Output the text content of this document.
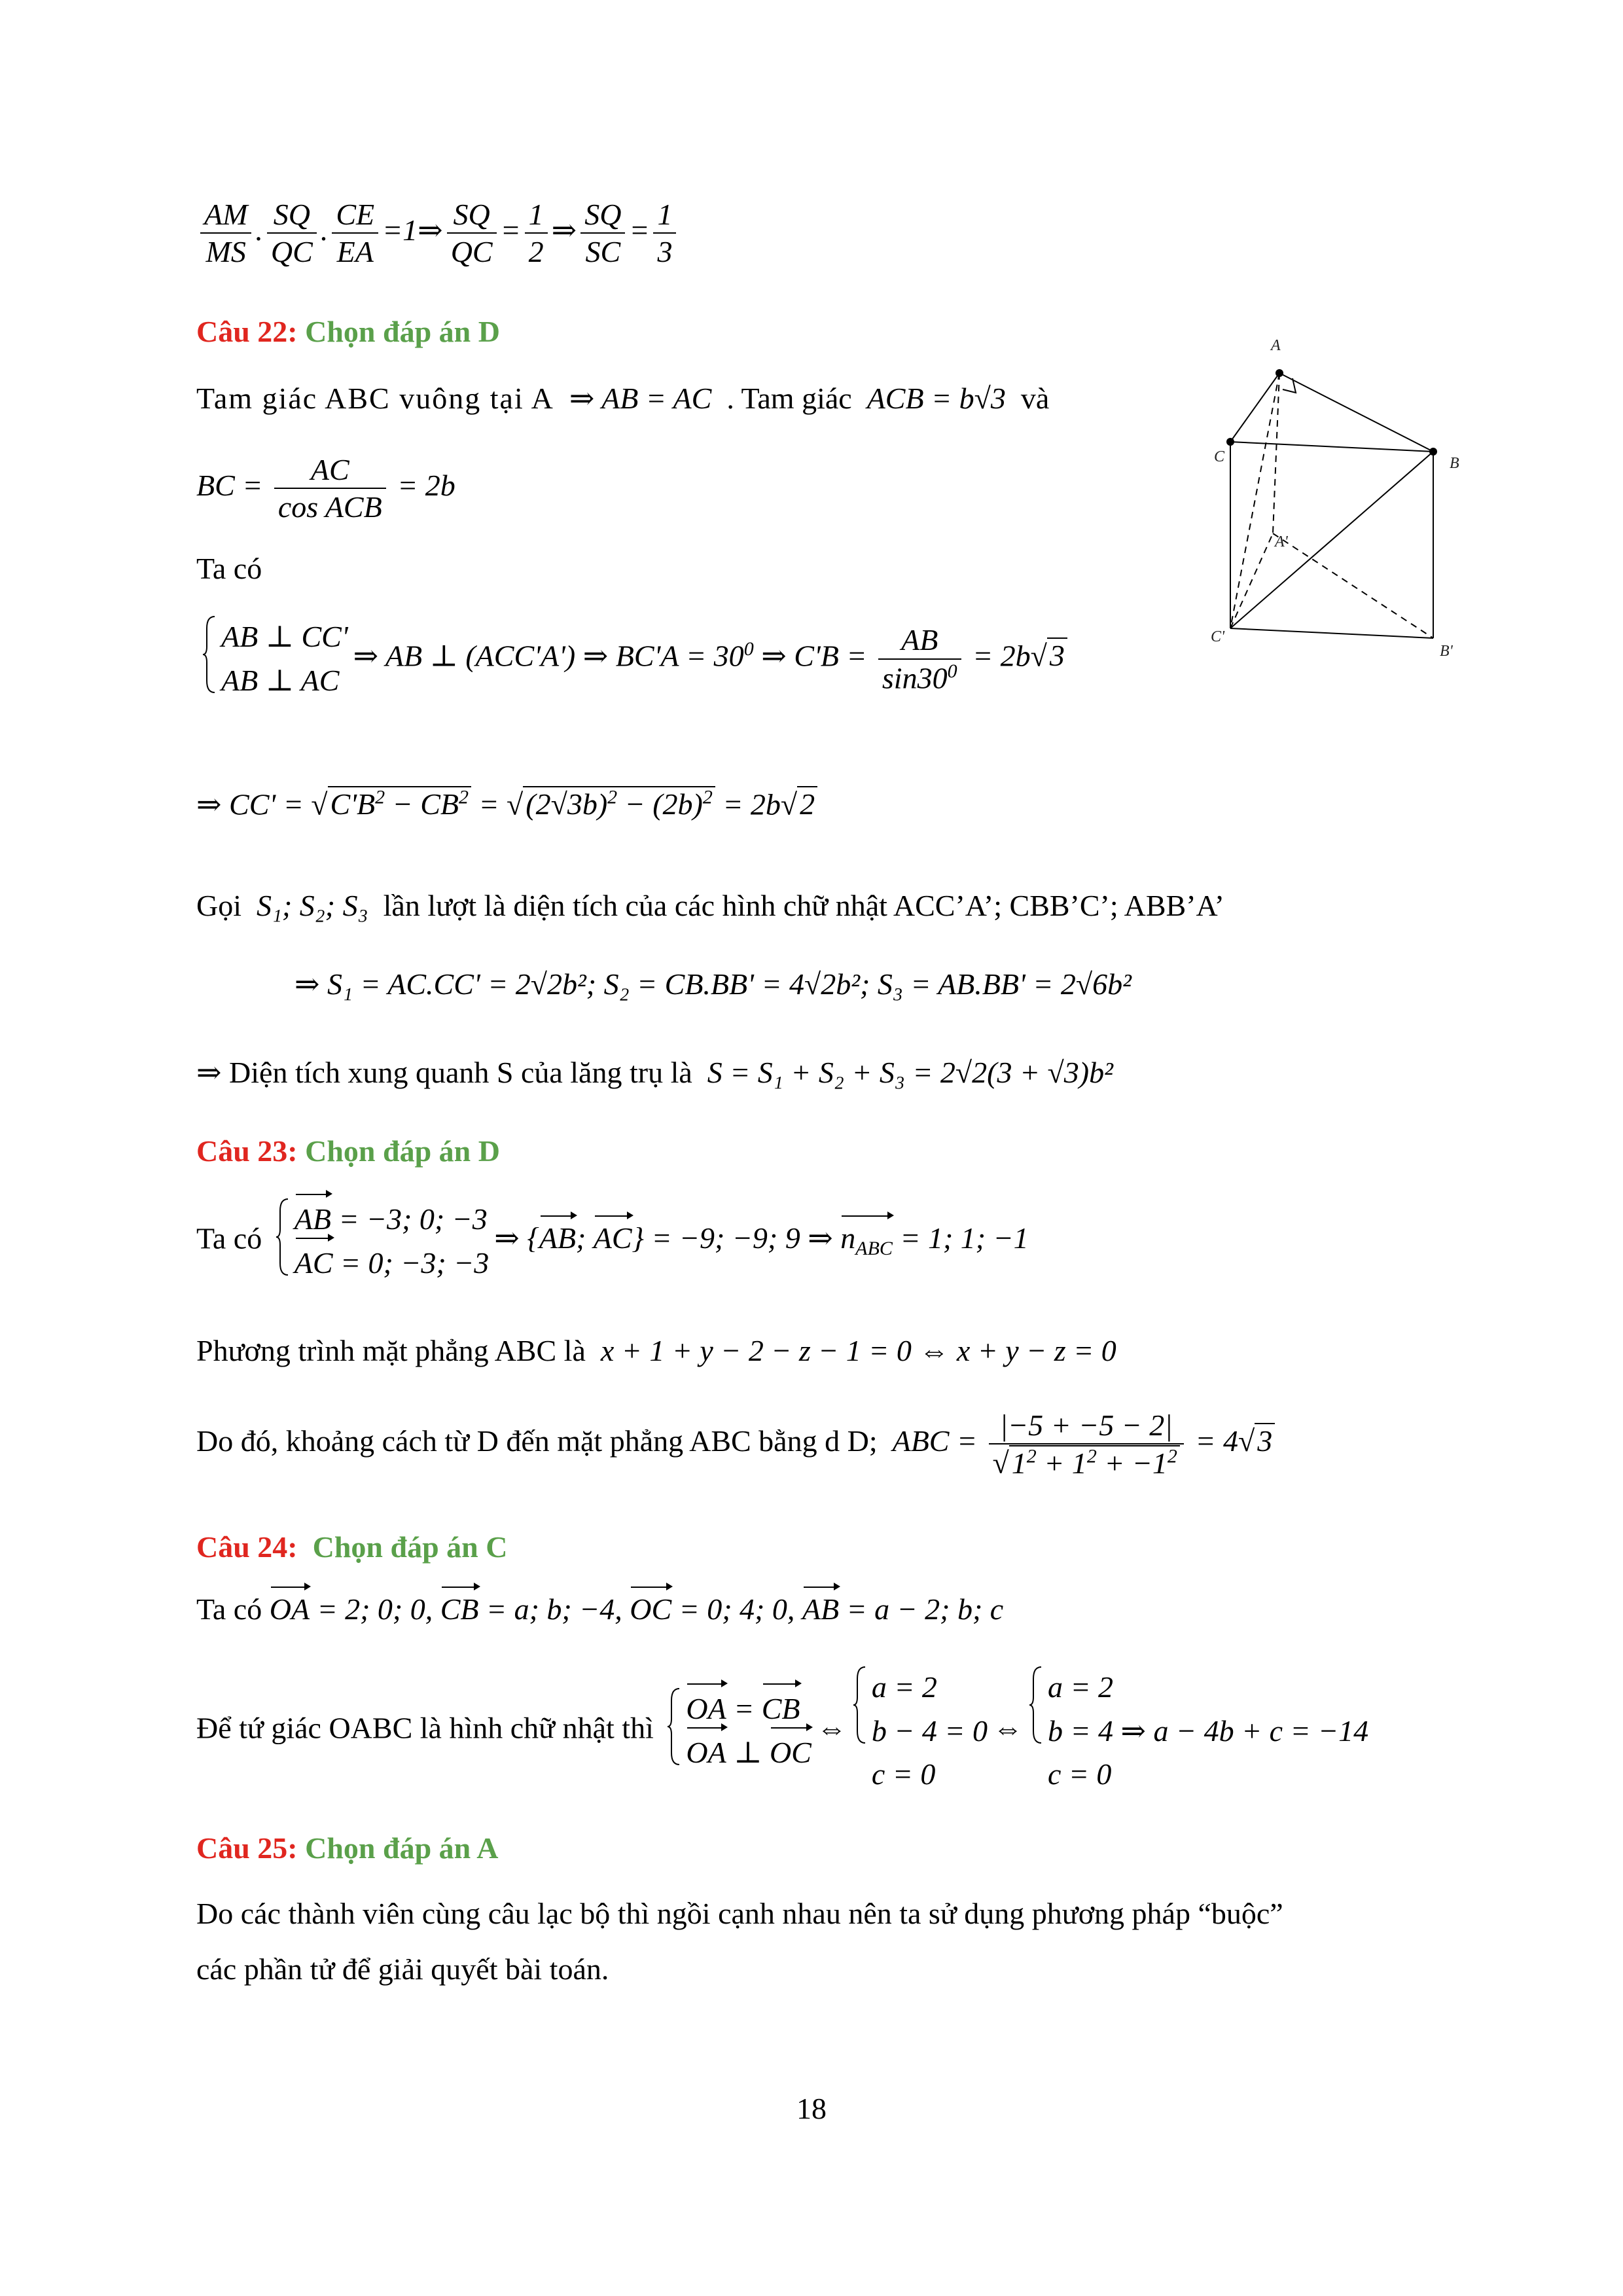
$\frac{AM}{MS}$ . $\frac{SQ}{QC}$ . $\frac{CE}{EA}$ =1⇒ $\frac{SQ}{QC} = \frac{1}{2}$ ⇒ $\frac{SQ}{SC} = \frac{1}{3}$
Câu 22: Chọn đáp án D
Tam giác ABC vuông tại A ⇒ AB = AC . Tam giác ACB = b√3 và
BC = $\frac{AC}{\text{cos ACB}} = 2b$
Ta có
AB ⊥ CC'
AB ⊥ AC
⇒ AB ⊥ (ACC'A') ⇒ $BC'A = 30^0$ ⇒ $C'B = \frac{AB}{\sin 30^0} = 2b√3$
⇒ $CC' = √C'B^2 - CB^2 = √(2√3b)^2 - (2b)^2 = 2b√2$
Gọi S₁; S₂; S₃ lần lượt là diện tích của các hình chữ nhật ACC’A’; CBB’C’; ABB’A’
⇒ S₁ = AC.CC' = 2√2b²; S₂ = CB.BB' = 4√2b²; S₃ = AB.BB' = 2√6b²
⇒ Diện tích xung quanh S của lăng trụ là S = S₁ + S₂ + S₃ = 2√2(3 + √3)b²
A
B
C
A'
B'
C'
Câu 23: Chọn đáp án D
Ta có
AB = −3; 0; −3
AC = 0; −3; −3
⇒ {AB; AC} = −9; −9; 9 ⇒ $n_{ABC} = 1$; 1; −1
Phương trình mặt phẳng ABC là x + 1 + y − 2 − z − 1 = 0 ⇔ x + y − z = 0
Do đó, khoảng cách từ D đến mặt phẳng ABC bằng d D; ABC = $\frac{|-5 + -5 - 2|}{√1^2 + 1^2 + -1^2} = 4√3$
Câu 24: Chọn đáp án C
Ta có OA = 2; 0; 0, CB = a; b; −4, OC = 0; 4; 0, AB = a − 2; b; c
Để tứ giác OABC là hình chữ nhật thì
OA = CB
OA ⊥ OC
⇔
a = 2
b − 4 = 0
c = 0
⇔
a = 2
b = 4 ⇒ a − 4b + c = −14
c = 0
Câu 25: Chọn đáp án A
Do các thành viên cùng câu lạc bộ thì ngồi cạnh nhau nên ta sử dụng phương pháp “buộc”
các phần tử để giải quyết bài toán.
18
